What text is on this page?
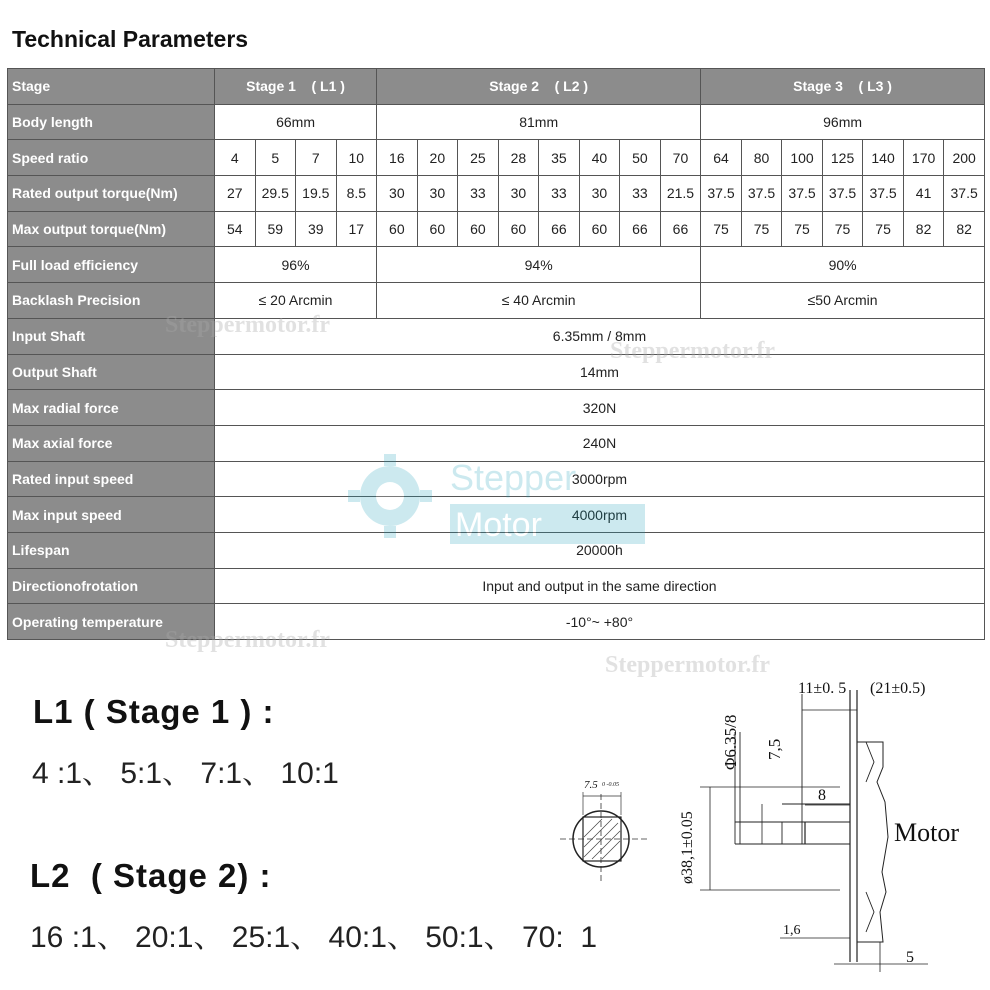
Technical Parameters
Stage	Stage 1    ( L1 )				Stage 2    ( L2 )								Stage 3    ( L3 )						
Body length	66mm				81mm								96mm						
Speed ratio	4	5	7	10	16	20	25	28	35	40	50	70	64	80	100	125	140	170	200
Rated output torque(Nm)	27	29.5	19.5	8.5	30	30	33	30	33	30	33	21.5	37.5	37.5	37.5	37.5	37.5	41	37.5
Max output torque(Nm)	54	59	39	17	60	60	60	60	66	60	66	66	75	75	75	75	75	82	82
Full load efficiency	96%				94%								90%						
Backlash Precision	≤ 20 Arcmin				≤ 40 Arcmin								≤50 Arcmin						
Input Shaft	6.35mm / 8mm																		
Output Shaft	14mm																		
Max radial force	320N																		
Max axial force	240N																		
Rated input speed	3000rpm																		
Max input speed	4000rpm																		
Lifespan	20000h																		
Directionofrotation	Input and output in the same direction																		
Operating temperature	-10°~ +80°																		
Steppermotor.fr
Steppermotor.fr
Steppermotor.fr
Steppermotor.fr
Stepper
Motor
L1 ( Stage 1 ) :
4 :1、 5:1、 7:1、 10:1
L2  ( Stage 2) :
16 :1、 20:1、 25:1、 40:1、 50:1、 70:  1
7.5 0 -0.05
ø38,1±0.05
Φ6.35/8 7,5
8
11±0. 5 (21±0.5)
Motor
1,6
5
